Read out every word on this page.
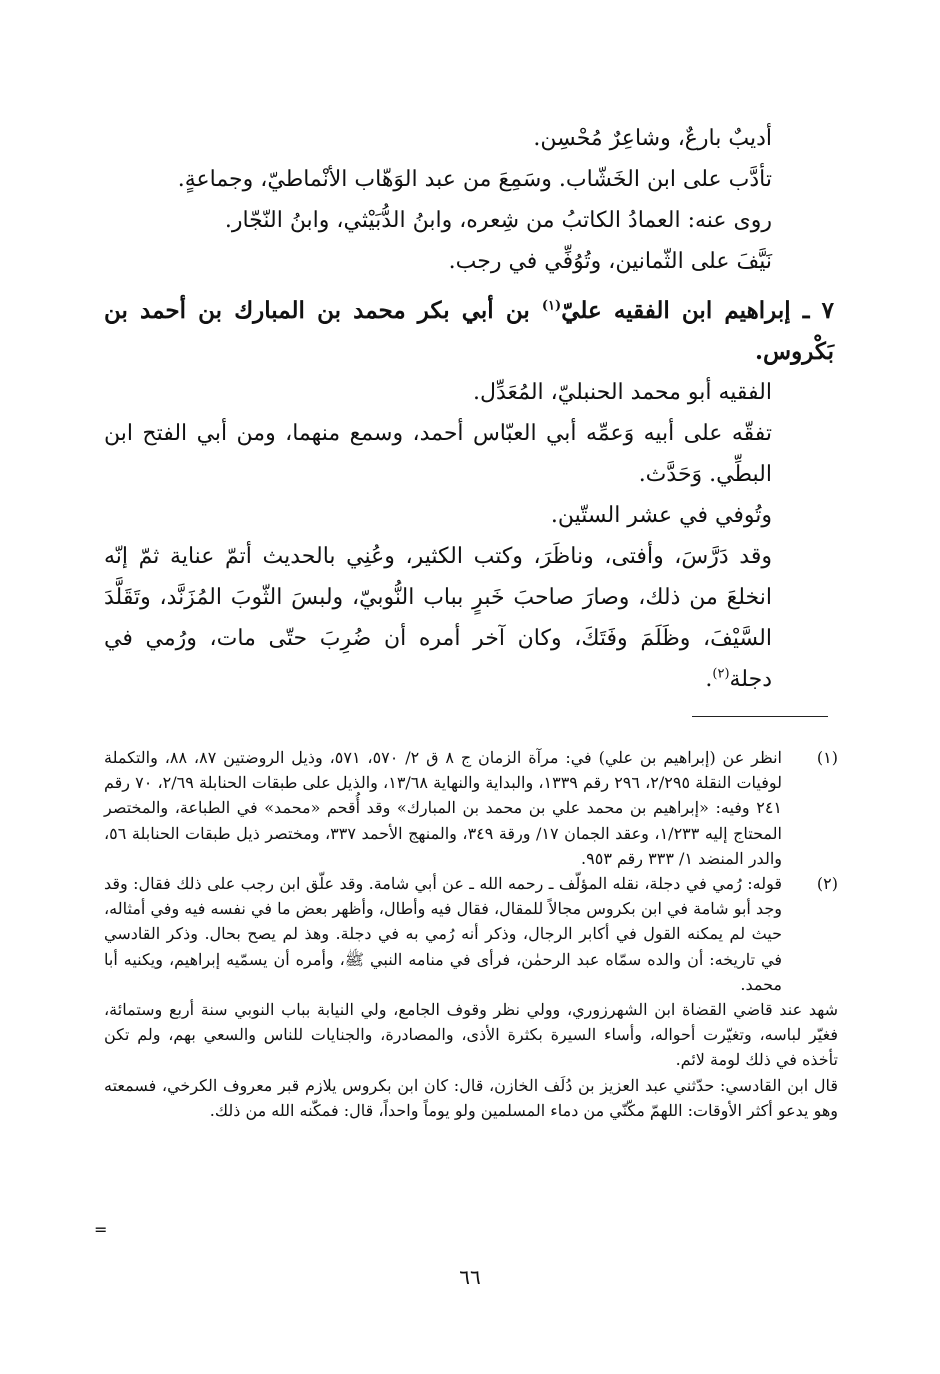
أديبٌ بارعٌ، وشاعِرٌ مُحْسِن.

تأدَّب على ابن الخَشّاب. وسَمِعَ من عبد الوَهّاب الأنْماطيّ، وجماعةٍ.

روى عنه: العمادُ الكاتبُ من شِعره، وابنُ الدُّبَيْثي، وابنُ النّجّار.

نَيَّفَ على الثّمانين، وتُوُفِّي في رجب.

٧ ـ إبراهيم ابن الفقيه عليّ$^{(١)}$ بن أبي بكر محمد بن المبارك بن أحمد بن بَكْروس.

الفقيه أبو محمد الحنبليّ، المُعَدِّل.

تفقّه على أبيه وَعمِّه أبي العبّاس أحمد، وسمع منهما، ومن أبي الفتح ابن البطِّي. وَحَدَّث.

وتُوفي في عشر الستّين.

وقد دَرَّسَ، وأفتى، وناظَرَ، وكتب الكثير، وعُنِي بالحديث أتمّ عناية ثمّ إنّه انخلعَ من ذلك، وصارَ صاحبَ خَبرٍ بباب النُّوبيّ، ولبسَ الثّوبَ المُزَنَّد، وتَقَلَّدَ السَّيْفَ، وظَلَمَ وفَتَكَ، وكان آخر أمره أن ضُرِبَ حتّى مات، ورُمي في دجلة$^{(٢)}$.

(١)

انظر عن (إبراهيم بن علي) في: مرآة الزمان ج ٨ ق ٢/ ٥٧٠، ٥٧١، وذيل الروضتين ٨٧، ٨٨، والتكملة لوفيات النقلة ٢/٢٩٥، ٢٩٦ رقم ١٣٣٩، والبداية والنهاية ١٣/٦٨، والذيل على طبقات الحنابلة ٢/٦٩، ٧٠ رقم ٢٤١ وفيه: «إبراهيم بن محمد علي بن محمد بن المبارك» وقد أُقحم «محمد» في الطباعة، والمختصر المحتاج إليه ١/٢٣٣، وعقد الجمان ١٧/ ورقة ٣٤٩، والمنهج الأحمد ٣٣٧، ومختصر ذيل طبقات الحنابلة ٥٦، والدر المنضد ١/ ٣٣٣ رقم ٩٥٣.

(٢)

قوله: رُمي في دجلة، نقله المؤلّف ـ رحمه الله ـ عن أبي شامة. وقد علّق ابن رجب على ذلك فقال: وقد وجد أبو شامة في ابن بكروس مجالاً للمقال، فقال فيه وأطال، وأظهر بعض ما في نفسه فيه وفي أمثاله، حيث لم يمكنه القول في أكابر الرجال، وذكر أنه رُمي به في دجلة. وهذ لم يصح بحال. وذكر القادسي في تاريخه: أن والده سمّاه عبد الرحمٰن، فرأى في منامه النبي ﷺ، وأمره أن يسمّيه إبراهيم، ويكنيه أبا محمد.

شهد عند قاضي القضاة ابن الشهرزوري، وولي نظر وقوف الجامع، ولي النيابة بباب النوبي سنة أربع وستمائة، فغيّر لباسه، وتغيّرت أحواله، وأساء السيرة بكثرة الأذى، والمصادرة، والجنايات للناس والسعي بهم، ولم تكن تأخذه في ذلك لومة لائم.

قال ابن القادسي: حدّثني عبد العزيز بن دُلَف الخازن، قال: كان ابن بكروس يلازم قبر معروف الكرخي، فسمعته وهو يدعو أكثر الأوقات: اللهمّ مكّنّي من دماء المسلمين ولو يوماً واحداً، قال: فمكّنه الله من ذلك.

=
٦٦
